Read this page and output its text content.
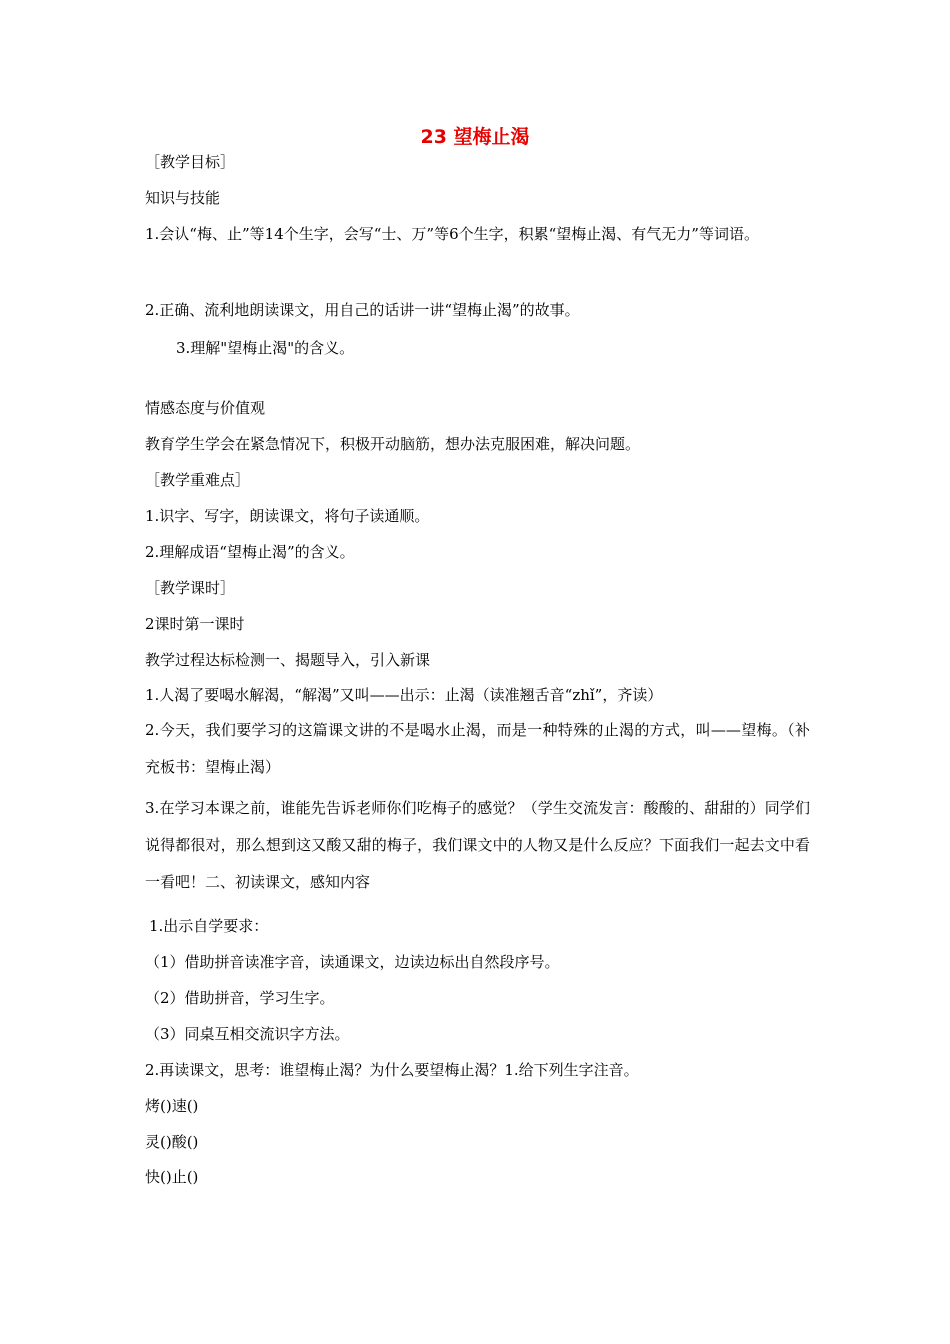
23 望梅止渴
［教学目标］
知识与技能
1.会认“梅、止”等14个生字，会写“士、万”等6个生字，积累“望梅止渴、有气无力”等词语。
2.正确、流利地朗读课文，用自己的话讲一讲“望梅止渴”的故事。
3.理解"望梅止渴"的含义。
情感态度与价值观
教育学生学会在紧急情况下，积极开动脑筋，想办法克服困难，解决问题。
［教学重难点］
1.识字、写字，朗读课文，将句子读通顺。
2.理解成语“望梅止渴”的含义。
［教学课时］
2课时第一课时
教学过程达标检测一、揭题导入，引入新课
1.人渴了要喝水解渴，“解渴”又叫——出示：止渴（读准翘舌音“zhǐ”，齐读）
2.今天，我们要学习的这篇课文讲的不是喝水止渴，而是一种特殊的止渴的方式，叫——望梅。（补充板书：望梅止渴）
3.在学习本课之前，谁能先告诉老师你们吃梅子的感觉？（学生交流发言：酸酸的、甜甜的）同学们说得都很对，那么想到这又酸又甜的梅子，我们课文中的人物又是什么反应？下面我们一起去文中看一看吧！二、初读课文，感知内容
1.出示自学要求：
（1）借助拼音读准字音，读通课文，边读边标出自然段序号。
（2）借助拼音，学习生字。
（3）同桌互相交流识字方法。
2.再读课文，思考：谁望梅止渴？为什么要望梅止渴？1.给下列生字注音。
烤()速()
灵()酸()
快()止()
